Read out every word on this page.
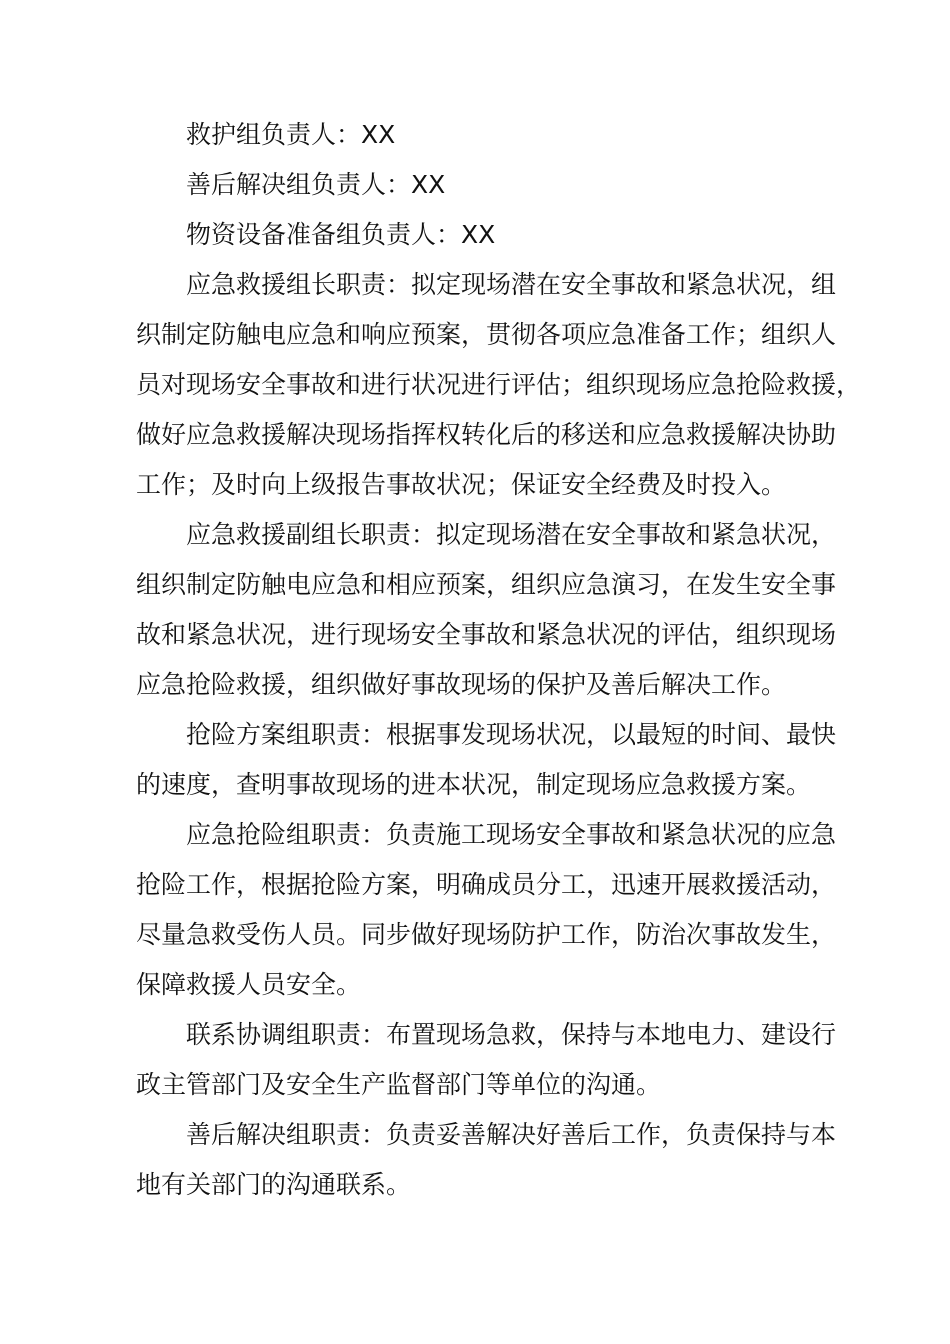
救护组负责人：XX

善后解决组负责人：XX

物资设备准备组负责人：XX

应急救援组长职责：拟定现场潜在安全事故和紧急状况，组
织制定防触电应急和响应预案，贯彻各项应急准备工作；组织人
员对现场安全事故和进行状况进行评估；组织现场应急抢险救援，
做好应急救援解决现场指挥权转化后的移送和应急救援解决协助
工作；及时向上级报告事故状况；保证安全经费及时投入。

应急救援副组长职责：拟定现场潜在安全事故和紧急状况，
组织制定防触电应急和相应预案，组织应急演习，在发生安全事
故和紧急状况，进行现场安全事故和紧急状况的评估，组织现场
应急抢险救援，组织做好事故现场的保护及善后解决工作。

抢险方案组职责：根据事发现场状况，以最短的时间、最快
的速度，查明事故现场的进本状况，制定现场应急救援方案。

应急抢险组职责：负责施工现场安全事故和紧急状况的应急
抢险工作，根据抢险方案，明确成员分工，迅速开展救援活动，
尽量急救受伤人员。同步做好现场防护工作，防治次事故发生，
保障救援人员安全。

联系协调组职责：布置现场急救，保持与本地电力、建设行
政主管部门及安全生产监督部门等单位的沟通。

善后解决组职责：负责妥善解决好善后工作，负责保持与本
地有关部门的沟通联系。
